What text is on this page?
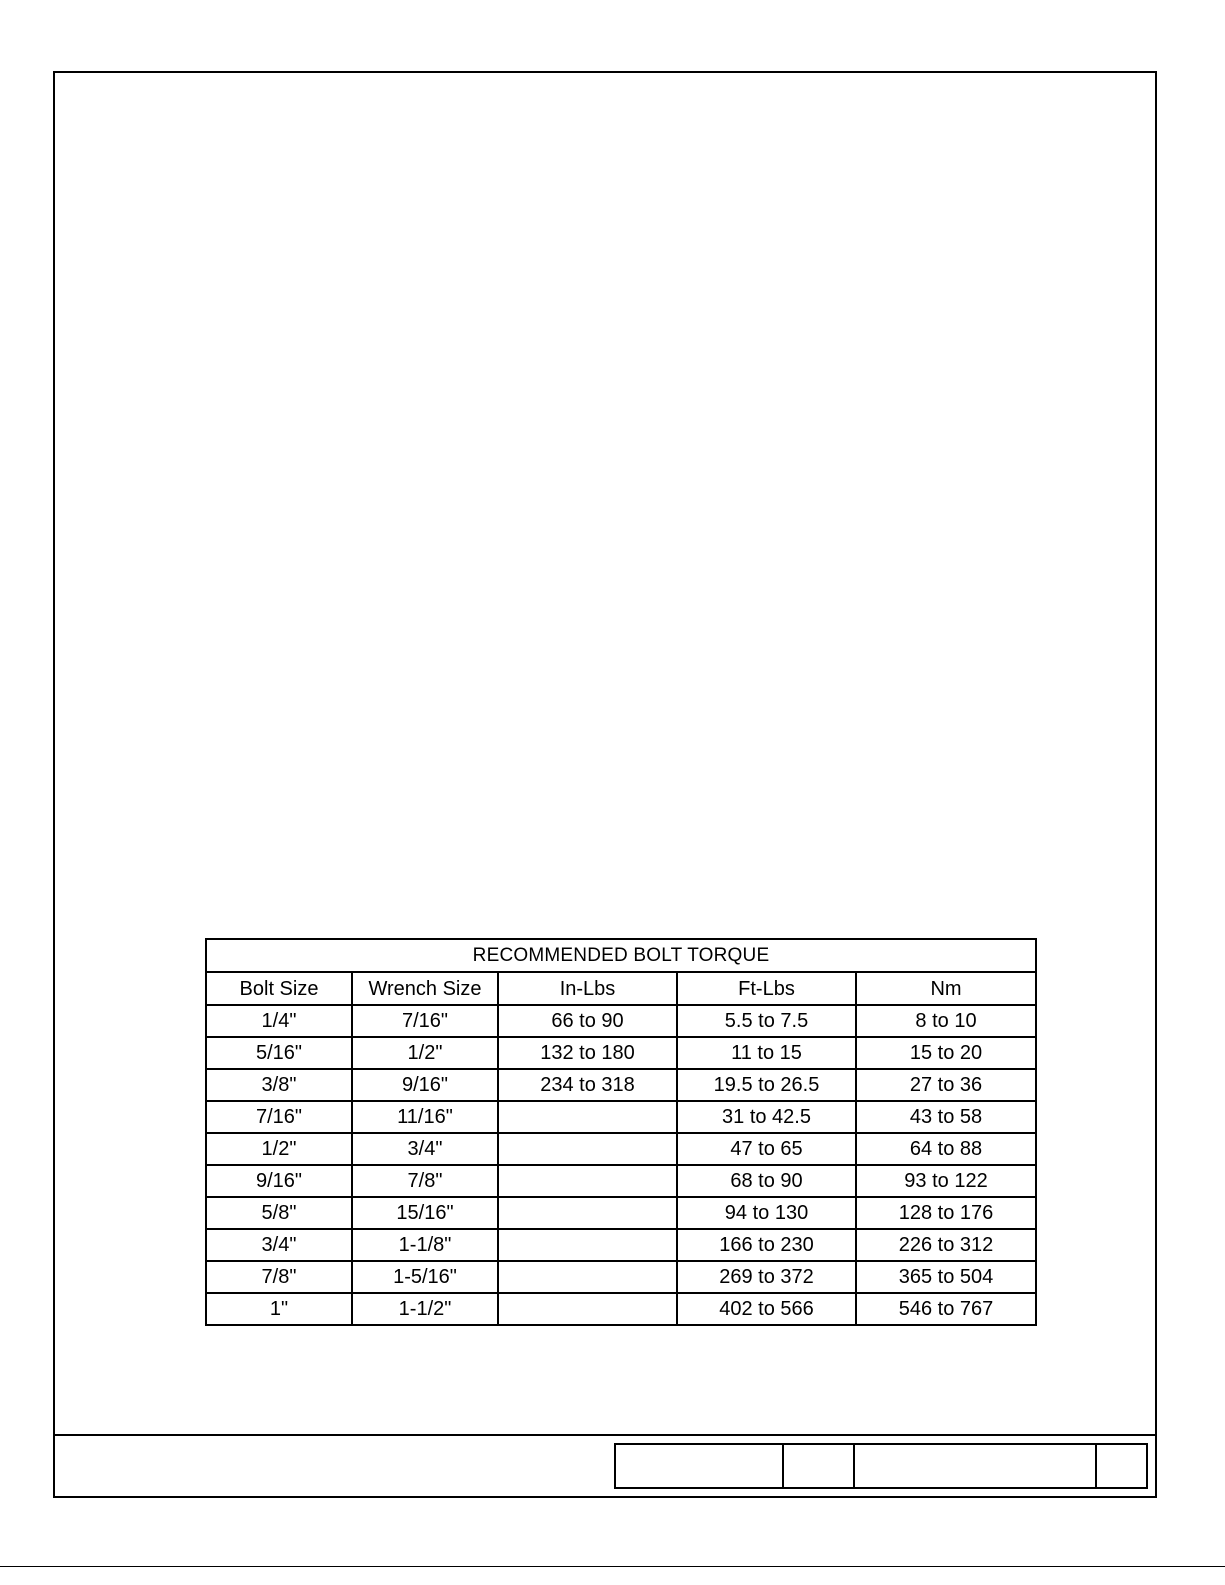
RECOMMENDED BOLT TORQUE				
Bolt Size	Wrench Size	In-Lbs	Ft-Lbs	Nm
1/4"	7/16"	66 to 90	5.5 to 7.5	8 to 10
5/16"	1/2"	132 to 180	11 to 15	15 to 20
3/8"	9/16"	234 to 318	19.5 to 26.5	27 to 36
7/16"	11/16"		31 to 42.5	43 to 58
1/2"	3/4"		47 to 65	64 to 88
9/16"	7/8"		68 to 90	93 to 122
5/8"	15/16"		94 to 130	128 to 176
3/4"	1-1/8"		166 to 230	226 to 312
7/8"	1-5/16"		269 to 372	365 to 504
1"	1-1/2"		402 to 566	546 to 767
